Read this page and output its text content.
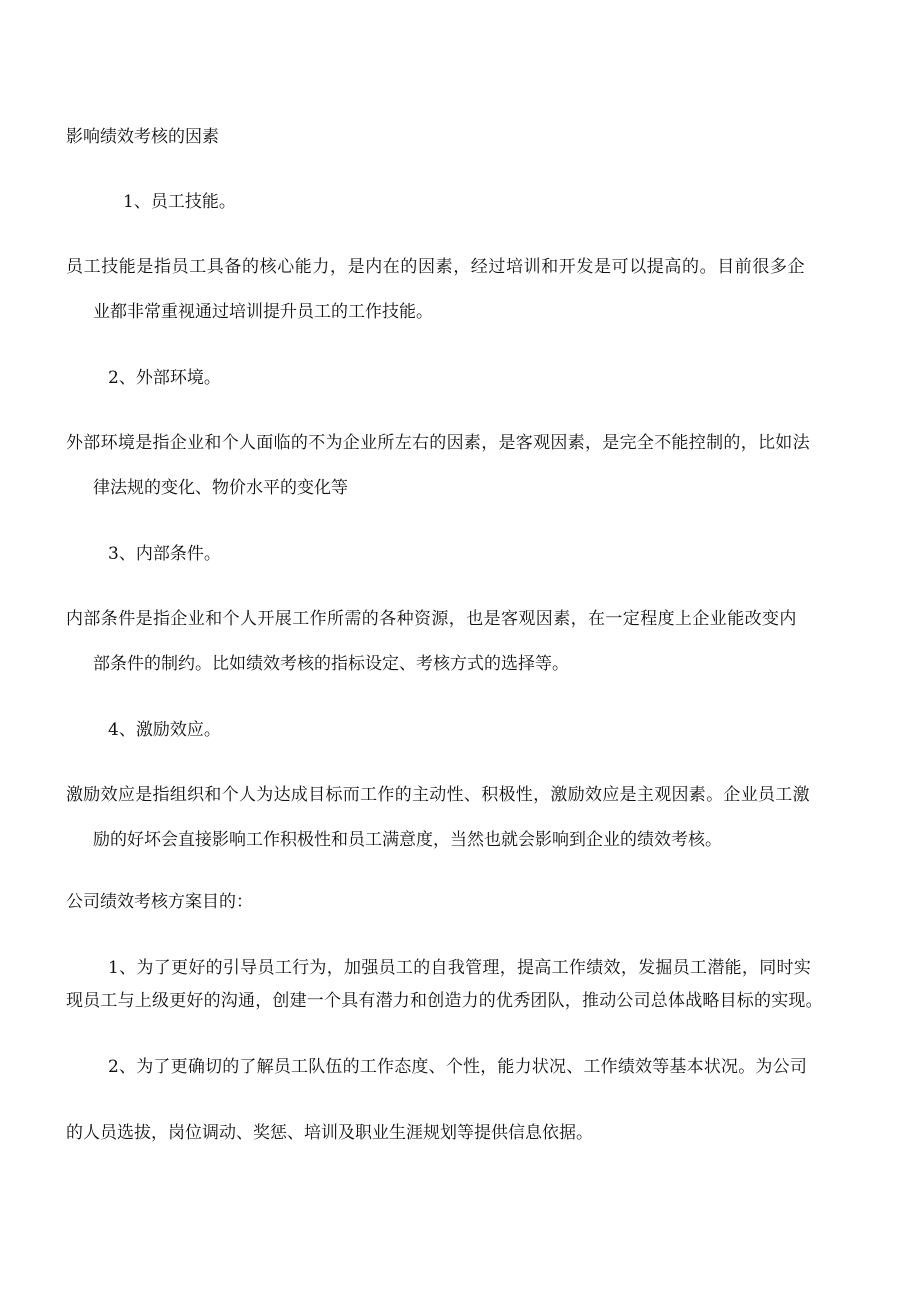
影响绩效考核的因素
1、员工技能。
员工技能是指员工具备的核心能力，是内在的因素，经过培训和开发是可以提高的。目前很多企
业都非常重视通过培训提升员工的工作技能。
2、外部环境。
外部环境是指企业和个人面临的不为企业所左右的因素，是客观因素，是完全不能控制的，比如法
律法规的变化、物价水平的变化等
3、内部条件。
内部条件是指企业和个人开展工作所需的各种资源，也是客观因素，在一定程度上企业能改变内
部条件的制约。比如绩效考核的指标设定、考核方式的选择等。
4、激励效应。
激励效应是指组织和个人为达成目标而工作的主动性、积极性，激励效应是主观因素。企业员工激
励的好坏会直接影响工作积极性和员工满意度，当然也就会影响到企业的绩效考核。
公司绩效考核方案目的：
1、为了更好的引导员工行为，加强员工的自我管理，提高工作绩效，发掘员工潜能，同时实
现员工与上级更好的沟通，创建一个具有潜力和创造力的优秀团队，推动公司总体战略目标的实现。
2、为了更确切的了解员工队伍的工作态度、个性，能力状况、工作绩效等基本状况。为公司
的人员选拔，岗位调动、奖惩、培训及职业生涯规划等提供信息依据。
